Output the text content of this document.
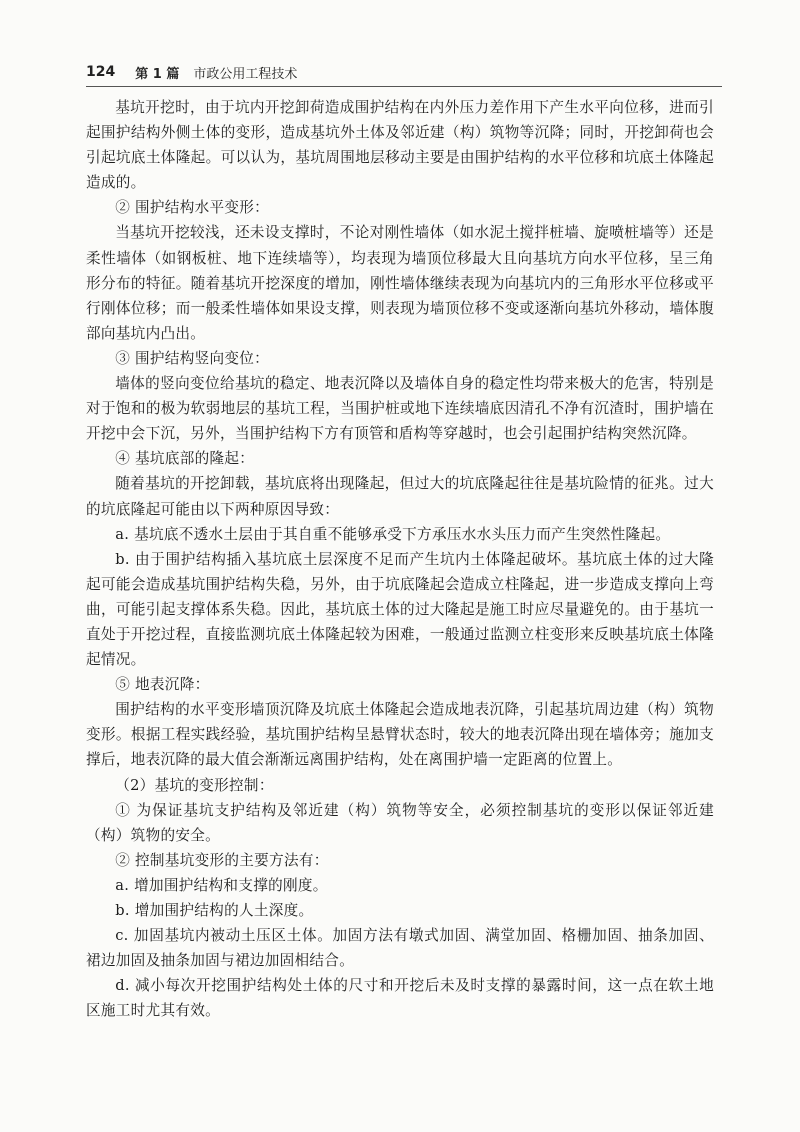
124 第 1 篇 市政公用工程技术

基坑开挖时，由于坑内开挖卸荷造成围护结构在内外压力差作用下产生水平向位移，进而引起围护结构外侧土体的变形，造成基坑外土体及邻近建（构）筑物等沉降；同时，开挖卸荷也会引起坑底土体隆起。可以认为，基坑周围地层移动主要是由围护结构的水平位移和坑底土体隆起造成的。

② 围护结构水平变形：

当基坑开挖较浅，还未设支撑时，不论对刚性墙体（如水泥土搅拌桩墙、旋喷桩墙等）还是柔性墙体（如钢板桩、地下连续墙等），均表现为墙顶位移最大且向基坑方向水平位移，呈三角形分布的特征。随着基坑开挖深度的增加，刚性墙体继续表现为向基坑内的三角形水平位移或平行刚体位移；而一般柔性墙体如果设支撑，则表现为墙顶位移不变或逐渐向基坑外移动，墙体腹部向基坑内凸出。

③ 围护结构竖向变位：

墙体的竖向变位给基坑的稳定、地表沉降以及墙体自身的稳定性均带来极大的危害，特别是对于饱和的极为软弱地层的基坑工程，当围护桩或地下连续墙底因清孔不净有沉渣时，围护墙在开挖中会下沉，另外，当围护结构下方有顶管和盾构等穿越时，也会引起围护结构突然沉降。

④ 基坑底部的隆起：

随着基坑的开挖卸载，基坑底将出现隆起，但过大的坑底隆起往往是基坑险情的征兆。过大的坑底隆起可能由以下两种原因导致：

a. 基坑底不透水土层由于其自重不能够承受下方承压水水头压力而产生突然性隆起。

b. 由于围护结构插入基坑底土层深度不足而产生坑内土体隆起破坏。基坑底土体的过大隆起可能会造成基坑围护结构失稳，另外，由于坑底隆起会造成立柱隆起，进一步造成支撑向上弯曲，可能引起支撑体系失稳。因此，基坑底土体的过大隆起是施工时应尽量避免的。由于基坑一直处于开挖过程，直接监测坑底土体隆起较为困难，一般通过监测立柱变形来反映基坑底土体隆起情况。

⑤ 地表沉降：

围护结构的水平变形墙顶沉降及坑底土体隆起会造成地表沉降，引起基坑周边建（构）筑物变形。根据工程实践经验，基坑围护结构呈悬臂状态时，较大的地表沉降出现在墙体旁；施加支撑后，地表沉降的最大值会渐渐远离围护结构，处在离围护墙一定距离的位置上。

（2）基坑的变形控制：

① 为保证基坑支护结构及邻近建（构）筑物等安全，必须控制基坑的变形以保证邻近建（构）筑物的安全。

② 控制基坑变形的主要方法有：

a. 增加围护结构和支撑的刚度。

b. 增加围护结构的人土深度。

c. 加固基坑内被动土压区土体。加固方法有墩式加固、满堂加固、格栅加固、抽条加固、裙边加固及抽条加固与裙边加固相结合。

d. 减小每次开挖围护结构处土体的尺寸和开挖后未及时支撑的暴露时间，这一点在软土地区施工时尤其有效。
